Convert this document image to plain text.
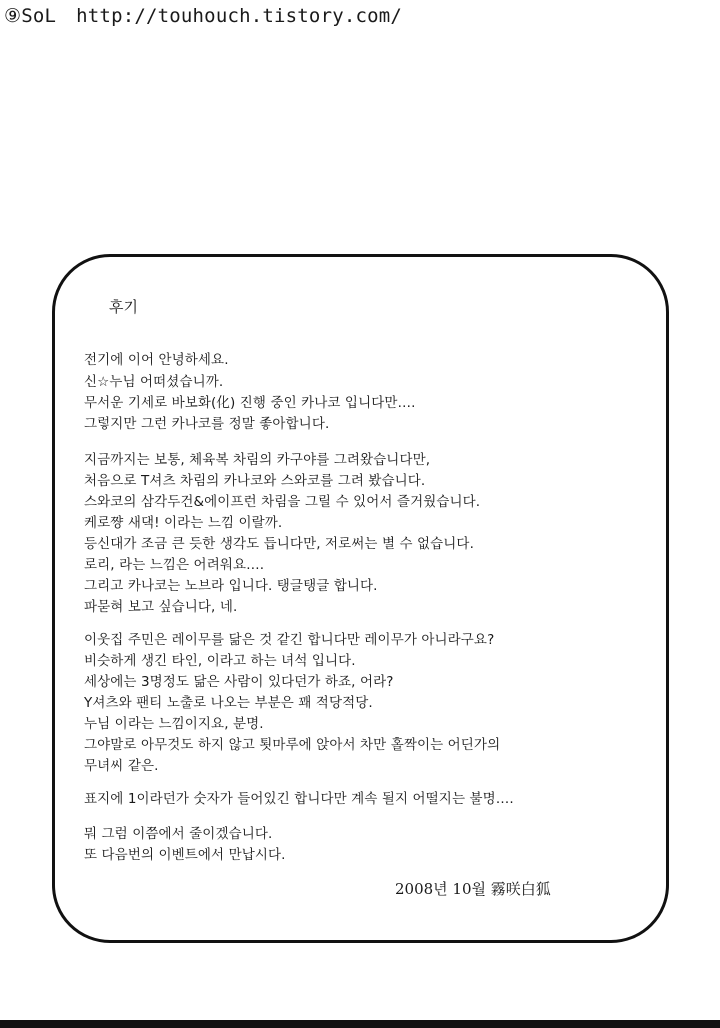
⑨SoL http://touhouch.tistory.com/
후기
전기에 이어 안녕하세요.
신☆누님 어떠셨습니까.
무서운 기세로 바보화(化) 진행 중인 카나코 입니다만….
그렇지만 그런 카나코를 정말 좋아합니다.
지금까지는 보통, 체육복 차림의 카구야를 그려왔습니다만,
처음으로 T셔츠 차림의 카나코와 스와코를 그려 봤습니다.
스와코의 삼각두건&에이프런 차림을 그릴 수 있어서 즐거웠습니다.
케로쨩 새댁! 이라는 느낌 이랄까.
등신대가 조금 큰 듯한 생각도 듭니다만, 저로써는 별 수 없습니다.
로리, 라는 느낌은 어려워요….
그리고 카나코는 노브라 입니다. 탱글탱글 합니다.
파묻혀 보고 싶습니다, 네.
이웃집 주민은 레이무를 닮은 것 같긴 합니다만 레이무가 아니라구요?
비슷하게 생긴 타인, 이라고 하는 녀석 입니다.
세상에는 3명정도 닮은 사람이 있다던가 하죠, 어라?
Y셔츠와 팬티 노출로 나오는 부분은 꽤 적당적당.
누님 이라는 느낌이지요, 분명.
그야말로 아무것도 하지 않고 툇마루에 앉아서 차만 홀짝이는 어딘가의
무녀씨 같은.
표지에 1이라던가 숫자가 들어있긴 합니다만 계속 될지 어떨지는 불명….
뭐 그럼 이쯤에서 줄이겠습니다.
또 다음번의 이벤트에서 만납시다.
2008년 10월 霧咲白狐
